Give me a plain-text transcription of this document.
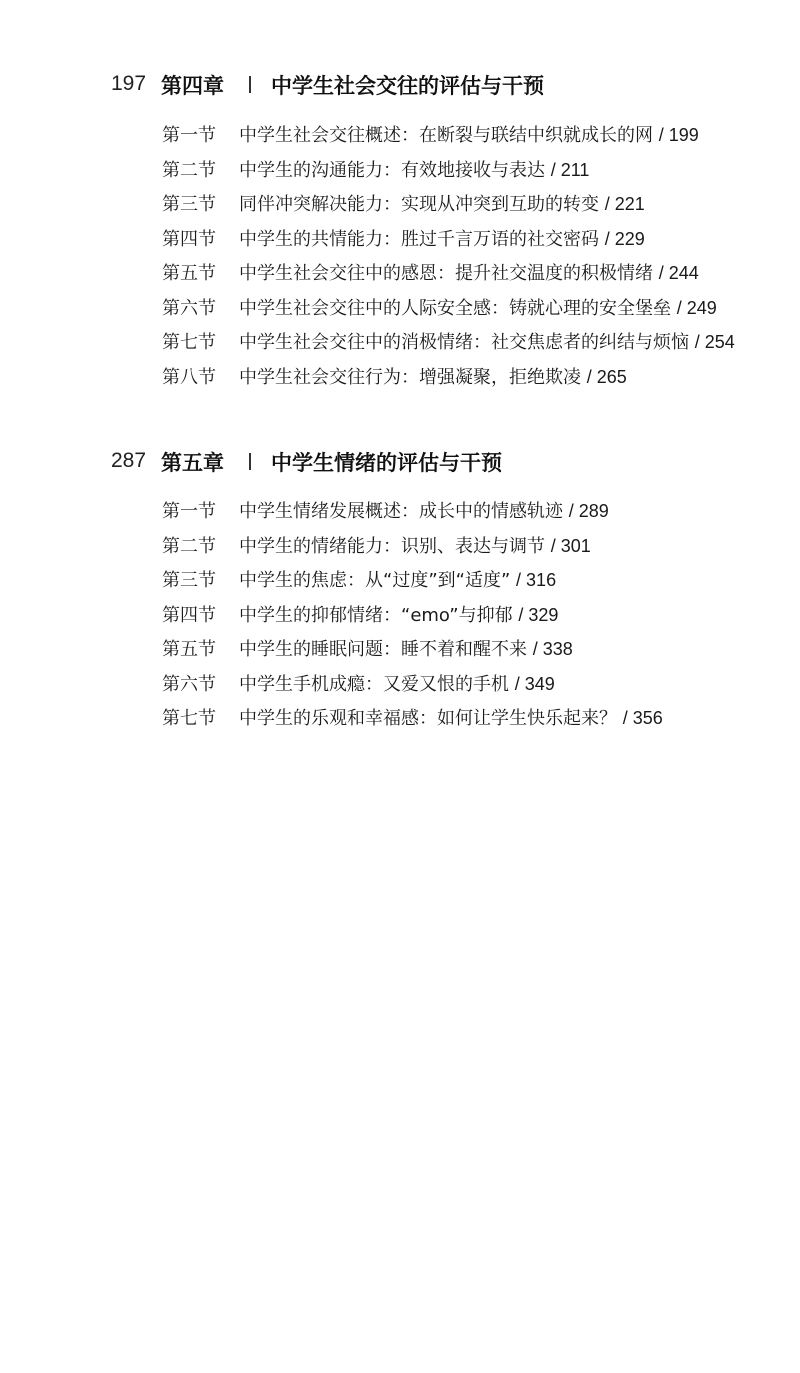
197 第四章 中学生社会交往的评估与干预
第一节 中学生社会交往概述：在断裂与联结中织就成长的网 / 199
第二节 中学生的沟通能力：有效地接收与表达 / 211
第三节 同伴冲突解决能力：实现从冲突到互助的转变 / 221
第四节 中学生的共情能力：胜过千言万语的社交密码 / 229
第五节 中学生社会交往中的感恩：提升社交温度的积极情绪 / 244
第六节 中学生社会交往中的人际安全感：铸就心理的安全堡垒 / 249
第七节 中学生社会交往中的消极情绪：社交焦虑者的纠结与烦恼 / 254
第八节 中学生社会交往行为：增强凝聚，拒绝欺凌 / 265
287 第五章 中学生情绪的评估与干预
第一节 中学生情绪发展概述：成长中的情感轨迹 / 289
第二节 中学生的情绪能力：识别、表达与调节 / 301
第三节 中学生的焦虑：从“过度”到“适度” / 316
第四节 中学生的抑郁情绪：“emo”与抑郁 / 329
第五节 中学生的睡眠问题：睡不着和醒不来 / 338
第六节 中学生手机成瘾：又爱又恨的手机 / 349
第七节 中学生的乐观和幸福感：如何让学生快乐起来？ / 356
